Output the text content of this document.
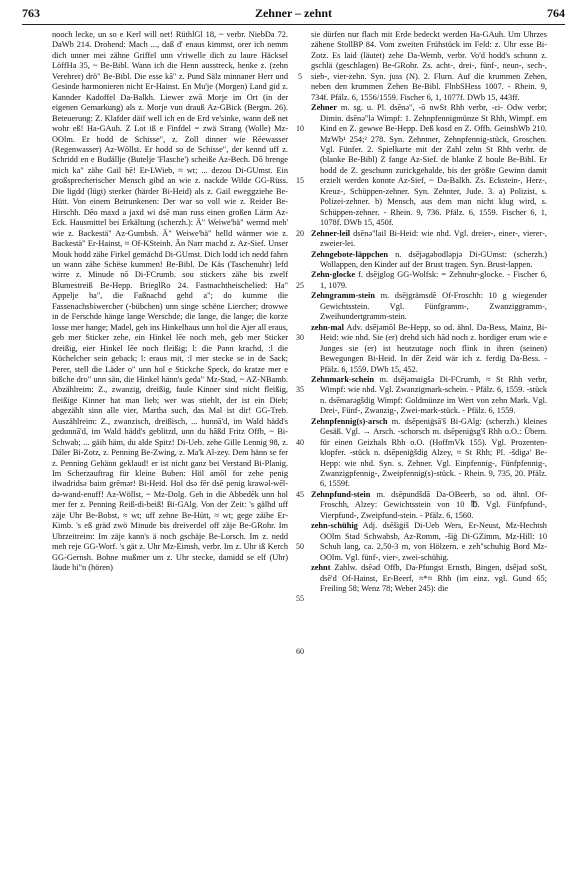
763	Zehner – zehnt	764

nooch lecke, un so e Kerl will net! RüthlGl 18, ~ verbr. NiebDa 72. DaWb 214. Drohend: Mach ..., daß d' enaus kimmst, orer ich nemm dich unner mei zähne Griffel unn v'riwelle dich zu laure Häcksel LöffHa 35, ~ Be-Bibl. Wann ich die Henn ausstreck, henke z. (zehn Verehrer) drö" Be-Bibl. Die esse kā" z. Pund Sälz minnaner Herr und Gesinde harmonieren nicht Er-Hainst. En Mu'je (Morgen) Land gid z. Kannder Kadoffel Da-Balkh. Liewer zwā Morje im Ort (in der eigenen Gemarkung) als z. Morje vun drauß Az-GBick (Bergm. 26). Beteuerung: Z. Klafder däif well ich en de Erd ve'sinke, wann deß net wohr eß! Ha-GAuh. Z Lot iß e Finfdel = zwä Strang (Wolle) Mz-OOlm. Er hodd de Schisse", z. Zoll dinner wie Rēewasser (Regenwasser) Az-Wöllst. Er hodd so de Schisse", der kennd uff z. Schridd en e Budällje (Butelje 'Flasche') scheiße Az-Bech. Dō brenge mich ka" zähe Gail hē! Er-LWieb, ≈ wt; ... dezou Di-GUmst. Ein großsprecherischer Mensch gibd an wie z. nackde Wilde GG-Rüss. Die ligdd (lügt) sterker (härder Bi-Heid) als z. Gail eweggziehe Be-Hütt. Von einem Betrunkenen: Der war so voll wie z. Reider Be-Hirschh. Dēo maxd a jaxd wi dsē man russ einen großen Lärm Az-Eck. Hausmittel bei Erkältung (scherzh.): Ä" Weiwe'bä" wermd meh' wie z. Backestä" Az-Gumbsh. Ä" Weiwe'bä" helld wärmer wie z. Backestä" Er-Hainst, ≈ Of-KSteinh. Än Narr machd z. Az-Sief. Unser Mouk hodd zähe Firkel gemächd Di-GUmst. Dich lodd ich nedd fahrn un wann zähe Schëse kummen! Be-Bibl. De Käs (Taschenuhr) lefd wirre z. Minude nō Di-FCrumb. sou stickers zähe bis zwelf Blumestreiß Be-Hepp. BrieglRo 24. Fastnachtheischelied: Ha" Appelje ha", die Faßnachd gehd a"; do kumme die Fassenachsbiwercher (-bübchen) unn singe schëne Liercher; drowwe in de Ferschde hänge lange Werschde; die lange, die lange; die korze losse mer hange; Madel, geh ins Hinkelhaus unn hol die Ajer all eraus, geb mer Sticker zehe, ein Hinkel lēe noch meh, geb mer Sticker dreißig, eier Hinkel lēe noch fleißig; l: die Pann krachd, :l die Küchelcher sein geback; l: eraus mit, :l mer stecke se in de Sack; Perer, stell die Läder o" unn hol e Stickche Speck, do kratze mer e bißche dro" unn sän, die Hinkel hänn's geda" Mz-Stad, ~ AZ-NBamb. Abzählreim: Z., zwanzig, dreißig, faule Kinner sind nicht fleißig, fleißige Kinner hat man lieb; wer was stiehlt, der ist ein Dieb; abgezählt sinn alle vier, Martha such, das Mal ist dir! GG-Treb. Auszählreim: Z., zwanzisch, dreißisch, ... hunnā'd, im Wald hädd's gedunnā'd, im Wald hädd's geblitzd, unn du hāßd Fritz Offb, ~ Bi-Schwab; ... gäih häm, du alde Spitz! Di-Ueb. zehe Gille Lennig 98, z. Däler Bi-Zotz, z. Penning Be-Zwing, z. Ma'k Al-zey. Dem hänn se fer z. Penning Gehänn geklaud! er ist nicht ganz bei Verstand Bi-Planig. Im Scherzauftrag für kleine Buben: Höl amōl for zehe penig ilwadridsə baim grēmər! Bi-Heid. Hol dsə fēr dsē penig krawəl-wēl-də-wand-enuff! Az-Wöllst, ~ Mz-Dolg. Geh in die Abbedēk unn hol mer fer z. Penning Reiß-di-beiß! Bi-GAlg. Von der Zeit: 's gälhd uff zäje Uhr Be-Bobst, ≈ wt; uff zehne Be-Hütt, ≈ wt; gege zäihe Er-Kimb. 's eß gräd zwö Minude bis dreiverdel off zäje Be-GRohr. Im Uhrzeitreim: Im zäje kann's ä noch gschäje Be-Lorsch. Im z. nedd meh reje GG-Worf. 's gät z. Uhr Mz-Eimsh, verbr. Im z. Uhr iß Kerch GG-Gernsh. Bohne mußmer um z. Uhr stecke, damidd se elf (Uhr) läude hi"n (hören)

5
10
15
20
25
30
35
40
45
50
55
60

sie dürfen nur flach mit Erde bedeckt werden Ha-GAuh. Um Uhrzes zähene StollBP 84. Vom zweiten Frühstück im Feld: z. Uhr esse Bi-Zotz. Es laid (läutet) zehe Da-Wemb, verbr. Vo'd hodd's schunn z. gschlä (geschlagen) Be-GRohr. Zs. acht-, drei-, fünf-, neun-, sech-, sieb-, vier-zehn. Syn. juss (N). 2. Flurn. Auf die krummen Zehen, neben den krummen Zehen Be-Bibl. FlnbSHess 1007. - Rhein. 9, 734f. Pfälz. 6, 1556/1559. Fischer 6, 1, 1077f. DWb 15, 443ff.

Zehner m. sg. u. Pl. dsēnə", -ō nwSt Rhh verbr, -ɛi- Odw verbr; Dimin. dsēnə"lə Wimpf: 1. Zehnpfennigmünze St Rhh, Wimpf. em Kind en Z. gewwe Be-Hepp. Deß kosd en Z. Offb. GeinshWb 210. MzWb¹ 254;² 278. Syn. Zehntner, Zehnpfennig-stück, Groschen. Vgl. Fünfer. 2. Spielkarte mit der Zahl zehn St Rhh verbr. de (blanke Be-Bibl) Z fange Az-Sief. de blanke Z houle Be-Bibl. Er hodd de Z. geschunn zurickgehalde, bis der größte Gewinn damit erzielt werden konnte Az-Sief, ~ Da-Balkh. Zs. Eckstein-, Herz-, Kreuz-, Schüppen-zehner. Syn. Zehnter, Jude. 3. a) Polizist, s. Polizei-zehner. b) Mensch, aus dem man nicht klug wird, s. Schüppen-zehner. - Rhein. 9, 736. Pfälz. 6, 1559. Fischer 6, 1, 1078f. DWb 15, 450f.

Zehner-leil dsēnə"lail Bi-Heid: wie nhd. Vgl. dreier-, einer-, vierer-, zweier-lei.

Zehngebote-läppchen n. dsējəgəbodləpjə Di-GUmst: (scherzh.) Wollappen, den Kinder auf der Brust tragen. Syn. Brust-lappen.

Zehn-glocke f. dsējglog GG-Wolfsk: = Zehnuhr-glocke. - Fischer 6, 1, 1079.

Zehngramm-stein m. dsējgrämsdē Of-Froschh: 10 g wiegender Gewichtsstein. Vgl. Fünfgramm-, Zwanziggramm-, Zweihundertgramm-stein.

zehn-mal Adv. dsējəmōl Be-Hepp, so od. ähnl. Da-Bess, Mainz, Bi-Heid: wie nhd. Sie (er) drehd sich hād noch z. hordiger erum wie e Junges sie (er) ist heutzutage noch flink in ihren (seinen) Bewegungen Bi-Heid. In dēr Zeid wär ich z. ferdig Da-Bess. - Pfälz. 6, 1559. DWb 15, 452.

Zehnmark-schein m. dsējəmaigšə Di-FCrumb, ≈ St Rhh verbr, Wimpf: wie nhd. Vgl. Zwanzigmark-schein. - Pfälz. 6, 1559. -stück n. dsēmarəgšdig Wimpf: Goldmünze im Wert von zehn Mark. Vgl. Drei-, Fünf-, Zwanzig-, Zwei-mark-stück. - Pfälz. 6, 1559.

Zehnpfennig(s)-arsch m. dsēpeniġsā'š Bi-GAlg: (scherzh.) kleines Gesäß. Vgl. → Arsch. -schorsch m. dsēpeniġsg'š Rhh o.O.: Übern. für einen Geizhals Rhh o.O. (HoffmVk 155). Vgl. Prozenten-klopfer. -stück n. dsēpeniġšdig Alzey, ≈ St Rhh; Pl. -šdigə' Be-Hepp: wie nhd. Syn. s. Zehner. Vgl. Einpfennig-, Fünfpfennig-, Zwanzigpfennig-, Zweipfennig(s)-stück. - Rhein. 9, 735, 20. Pfälz. 6, 1559f.

Zehnpfund-stein m. dsēpundšdā Da-OBeerb, so od. ähnl. Of-Froschh, Alzey: Gewichtsstein von 10 ℔. Vgl. Fünfpfund-, Vierpfund-, Zweipfund-stein. - Pfälz. 6, 1560.

zehn-schühig Adj. dsēšiġiš Di-Ueb Wers, Er-Neust, Mz-Hechtsh OOlm Stad Schwabsb, Az-Romm, -šiġ Di-GZimm, Mz-Hill: 10 Schuh lang, ca. 2,50-3 m, von Hölzern. e zeh"schuhig Bord Mz-OOlm. Vgl. fünf-, vier-, zwei-schühig.

zehnt Zahlw. dsēəd Offb, Da-Pfungst Ernsth, Bingen, dsējad soSt, dsē'd Of-Hainst, Er-Beerf, ≈*≈ Rhh (im einz. vgl. Gund 65; Freiling 58; Wenz 78; Weber 245): die
